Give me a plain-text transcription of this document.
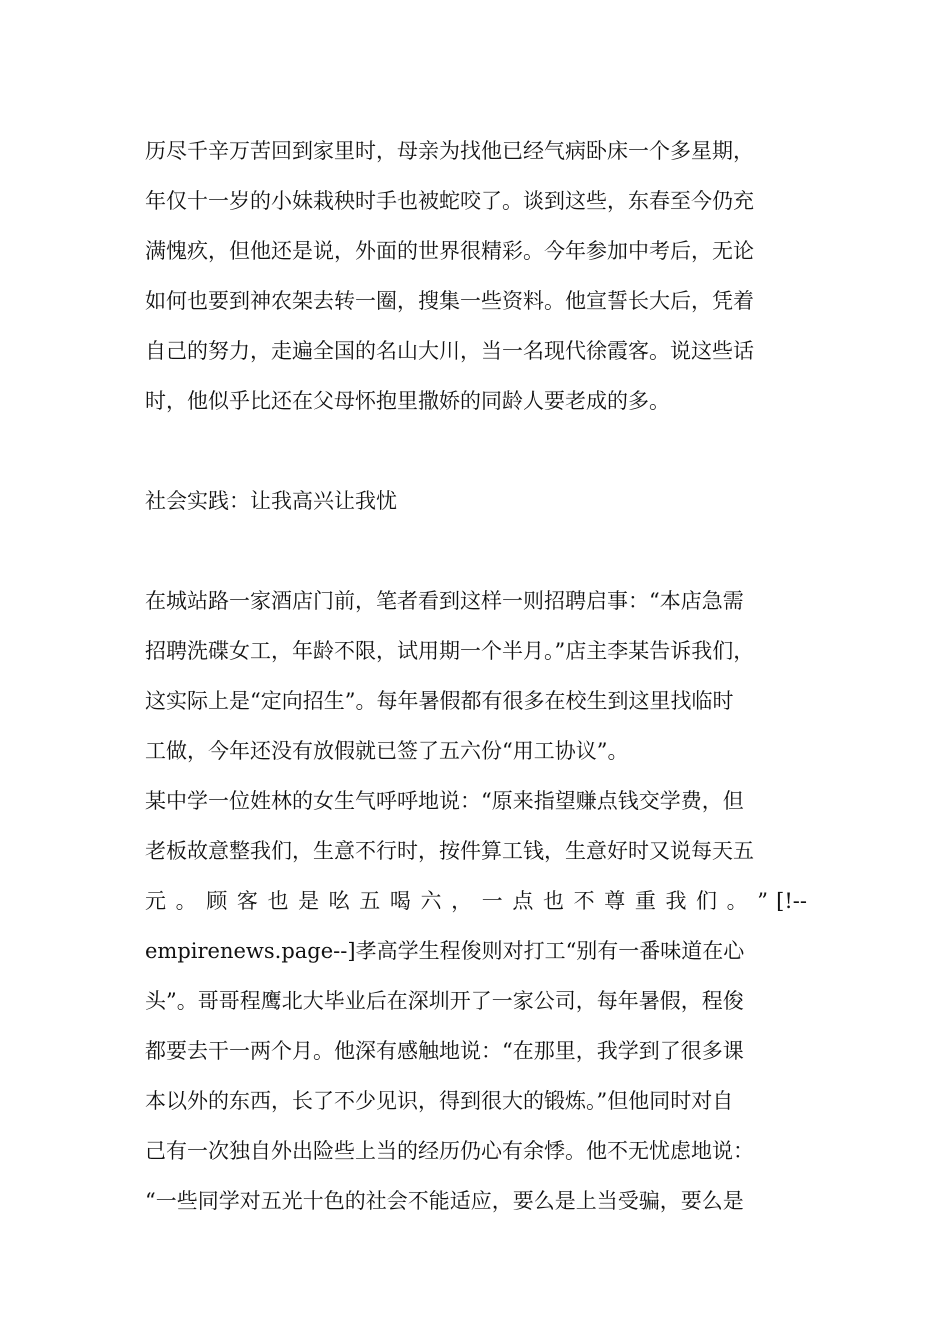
历尽千辛万苦回到家里时，母亲为找他已经气病卧床一个多星期，
年仅十一岁的小妹栽秧时手也被蛇咬了。谈到这些，东春至今仍充
满愧疚，但他还是说，外面的世界很精彩。今年参加中考后，无论
如何也要到神农架去转一圈，搜集一些资料。他宣誓长大后，凭着
自己的努力，走遍全国的名山大川，当一名现代徐霞客。说这些话
时，他似乎比还在父母怀抱里撒娇的同龄人要老成的多。
社会实践：让我高兴让我忧
在城站路一家酒店门前，笔者看到这样一则招聘启事：“本店急需
招聘洗碟女工，年龄不限，试用期一个半月。”店主李某告诉我们，
这实际上是“定向招生”。每年暑假都有很多在校生到这里找临时
工做，今年还没有放假就已签了五六份“用工协议”。
某中学一位姓林的女生气呼呼地说：“原来指望赚点钱交学费，但
老板故意整我们，生意不行时，按件算工钱，生意好时又说每天五
元 。 顾 客 也 是 吆 五 喝 六 ， 一 点 也 不 尊 重 我 们 。 ” [!--
empirenews.page--]孝高学生程俊则对打工“别有一番味道在心
头”。哥哥程鹰北大毕业后在深圳开了一家公司，每年暑假，程俊
都要去干一两个月。他深有感触地说：“在那里，我学到了很多课
本以外的东西，长了不少见识，得到很大的锻炼。”但他同时对自
己有一次独自外出险些上当的经历仍心有余悸。他不无忧虑地说：
“一些同学对五光十色的社会不能适应，要么是上当受骗，要么是
